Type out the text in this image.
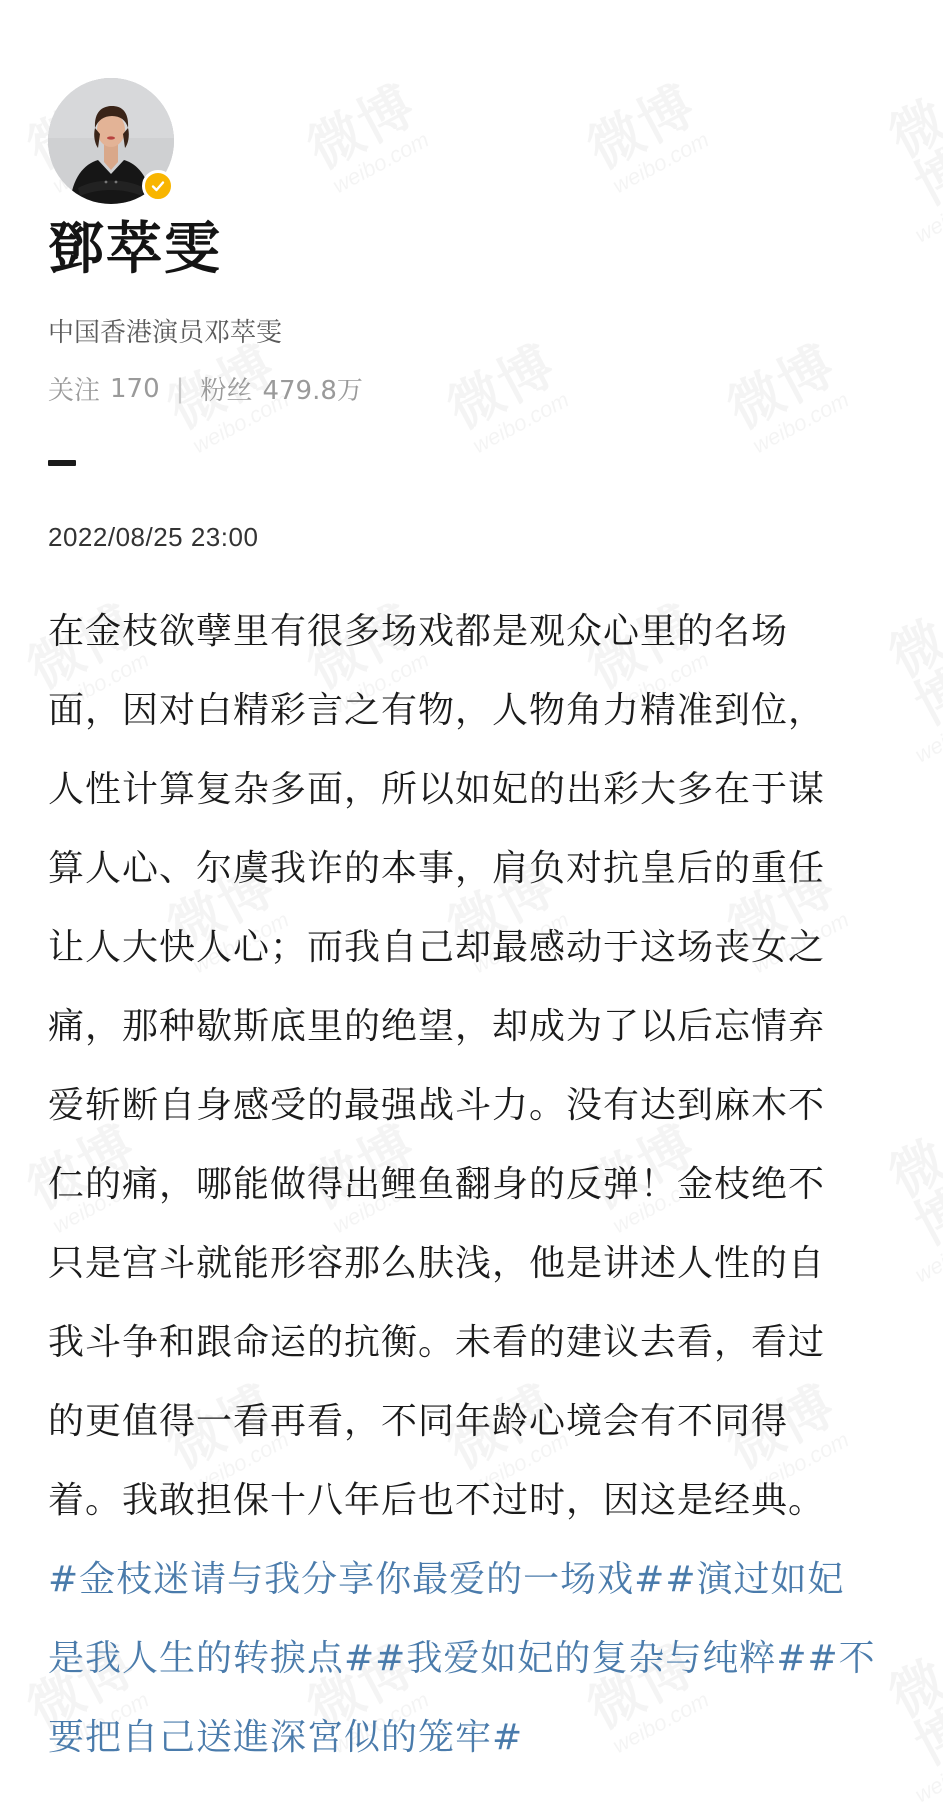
鄧萃雯
中国香港演员邓萃雯
关注 170 | 粉丝 479.8万
2022/08/25 23:00
在金枝欲孽里有很多场戏都是观众心里的名场
面，因对白精彩言之有物，人物角力精准到位，
人性计算复杂多面，所以如妃的出彩大多在于谋
算人心、尔虞我诈的本事，肩负对抗皇后的重任
让人大快人心；而我自己却最感动于这场丧女之
痛，那种歇斯底里的绝望，却成为了以后忘情弃
爱斩断自身感受的最强战斗力。没有达到麻木不
仁的痛，哪能做得出鲤鱼翻身的反弹！金枝绝不
只是宫斗就能形容那么肤浅，他是讲述人性的自
我斗争和跟命运的抗衡。未看的建议去看，看过
的更值得一看再看，不同年龄心境会有不同得
着。我敢担保十八年后也不过时，因这是经典。
#金枝迷请与我分享你最爱的一场戏##演过如妃
是我人生的转捩点##我爱如妃的复杂与纯粹##不
要把自己送進深宮似的笼牢#
